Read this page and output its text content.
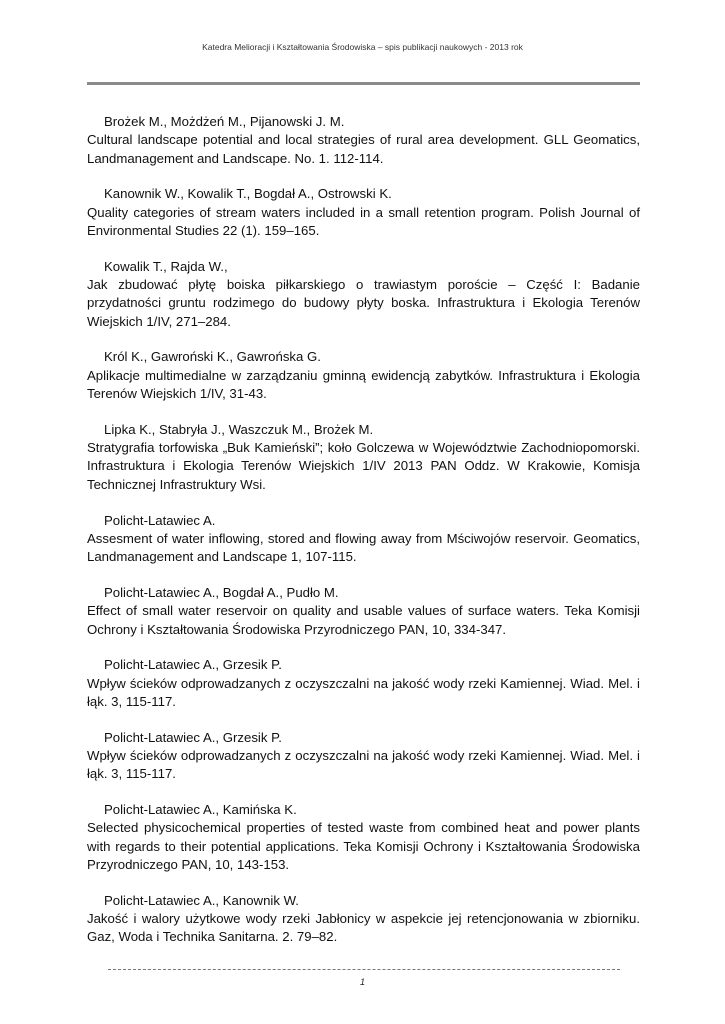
Katedra Melioracji i Kształtowania Środowiska – spis publikacji naukowych - 2013 rok

Brożek M., Możdżeń M., Pijanowski J. M.

Cultural landscape potential and local strategies of rural area development. GLL Geomatics, Landmanagement and Landscape. No. 1. 112-114.

Kanownik W., Kowalik T., Bogdał A., Ostrowski K.

Quality categories of stream waters included in a small retention program. Polish Journal of Environmental Studies 22 (1). 159–165.

Kowalik T., Rajda W.,

Jak zbudować płytę boiska piłkarskiego o trawiastym poroście – Część I: Badanie przydatności gruntu rodzimego do budowy płyty boska. Infrastruktura i Ekologia Terenów Wiejskich 1/IV, 271–284.

Król K., Gawroński K., Gawrońska G.

Aplikacje multimedialne w zarządzaniu gminną ewidencją zabytków. Infrastruktura i Ekologia Terenów Wiejskich 1/IV, 31-43.

Lipka K., Stabryła J., Waszczuk M., Brożek M.

Stratygrafia torfowiska „Buk Kamieński”; koło Golczewa w Województwie Zachodniopomorski. Infrastruktura i Ekologia Terenów Wiejskich 1/IV 2013 PAN Oddz. W Krakowie, Komisja Technicznej Infrastruktury Wsi.

Policht-Latawiec A.

Assesment of water inflowing, stored and flowing away from Mściwojów reservoir. Geomatics, Landmanagement and Landscape 1, 107-115.

Policht-Latawiec A., Bogdał A., Pudło M.

Effect of small water reservoir on quality and usable values of surface waters. Teka Komisji Ochrony i Kształtowania Środowiska Przyrodniczego PAN, 10, 334-347.

Policht-Latawiec A., Grzesik P.

Wpływ ścieków odprowadzanych z oczyszczalni na jakość wody rzeki Kamiennej. Wiad. Mel. i łąk. 3, 115-117.

Policht-Latawiec A., Grzesik P.

Wpływ ścieków odprowadzanych z oczyszczalni na jakość wody rzeki Kamiennej. Wiad. Mel. i łąk. 3, 115-117.

Policht-Latawiec A., Kamińska K.

Selected physicochemical properties of tested waste from combined heat and power plants with regards to their potential applications. Teka Komisji Ochrony i Kształtowania Środowiska Przyrodniczego PAN, 10, 143-153.

Policht-Latawiec A., Kanownik W.

Jakość i walory użytkowe wody rzeki Jabłonicy w aspekcie jej retencjonowania w zbiorniku. Gaz, Woda i Technika Sanitarna. 2. 79–82.

1
